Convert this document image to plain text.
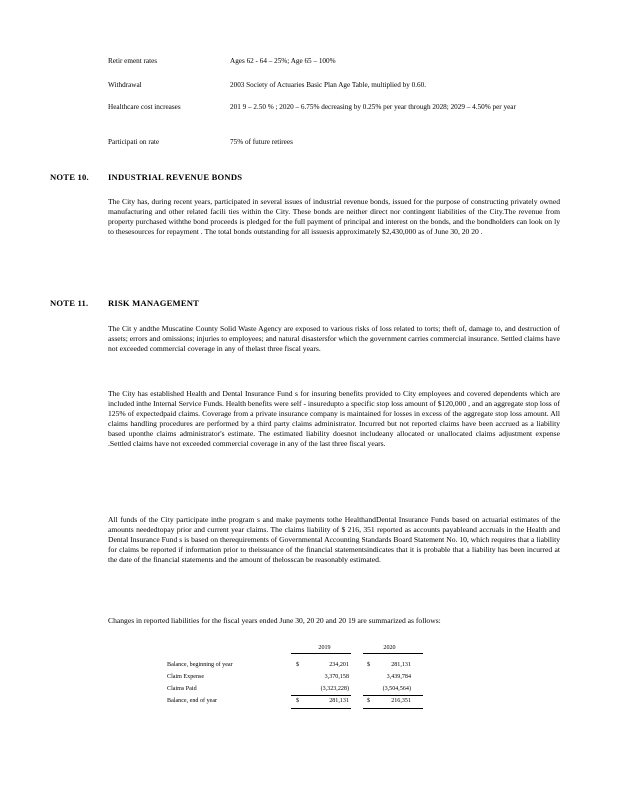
Retir ement rates	Ages 62 - 64 – 25%; Age 65 – 100%
Withdrawal	2003 Society of Actuaries Basic Plan Age Table, multiplied by 0.60.
Healthcare cost increases	201 9 – 2.50 % ; 2020 – 6.75% decreasing by 0.25% per year through 2028; 2029 – 4.50% per year
Participati on rate	75% of future retirees
NOTE 10. INDUSTRIAL REVENUE BONDS
The City has, during recent years, participated in several issues of industrial revenue bonds, issued for the purpose of constructing privately owned manufacturing and other related facili ties within the City. These bonds are neither direct nor contingent liabilities of the City.The revenue from property purchased withthe bond proceeds is pledged for the full payment of principal and interest on the bonds, and the bondholders can look on ly to thesesources for repayment . The total bonds outstanding for all issuesis approximately $2,430,000 as of June 30, 20 20 .
NOTE 11. RISK MANAGEMENT
The Cit y andthe Muscatine County Solid Waste Agency are exposed to various risks of loss related to torts; theft of, damage to, and destruction of assets; errors and omissions; injuries to employees; and natural disastersfor which the government carries commercial insurance. Settled claims have not exceeded commercial coverage in any of thelast three fiscal years.
The City has established Health and Dental Insurance Fund s for insuring benefits provided to City employees and covered dependents which are included inthe Internal Service Funds. Health benefits were self - insuredupto a specific stop loss amount of $120,000 , and an aggregate stop loss of 125% of expectedpaid claims. Coverage from a private insurance company is maintained for losses in excess of the aggregate stop loss amount. All claims handling procedures are performed by a third party claims administrator. Incurred but not reported claims have been accrued as a liability based uponthe claims administrator's estimate. The estimated liability doesnot includeany allocated or unallocated claims adjustment expense .Settled claims have not exceeded commercial coverage in any of the last three fiscal years.
All funds of the City participate inthe program s and make payments tothe HealthandDental Insurance Funds based on actuarial estimates of the amounts neededtopay prior and current year claims. The claims liability of $ 216, 351 reported as accounts payableand accruals in the Health and Dental Insurance Fund s is based on therequirements of Governmental Accounting Standards Board Statement No. 10, which requires that a liability for claims be reported if information prior to theissuance of the financial statementsindicates that it is probable that a liability has been incurred at the date of the financial statements and the amount of thelosscan be reasonably estimated.
Changes in reported liabilities for the fiscal years ended June 30, 20 20 and 20 19 are summarized as follows:
2019	2020
Balance, beginning of year	$	234,201	$	281,131
Claim Expense	3,370,158	3,439,784
Claims Paid	(3,323,228)	(3,504,564)
Balance, end of year	$	281,131	$	216,351
